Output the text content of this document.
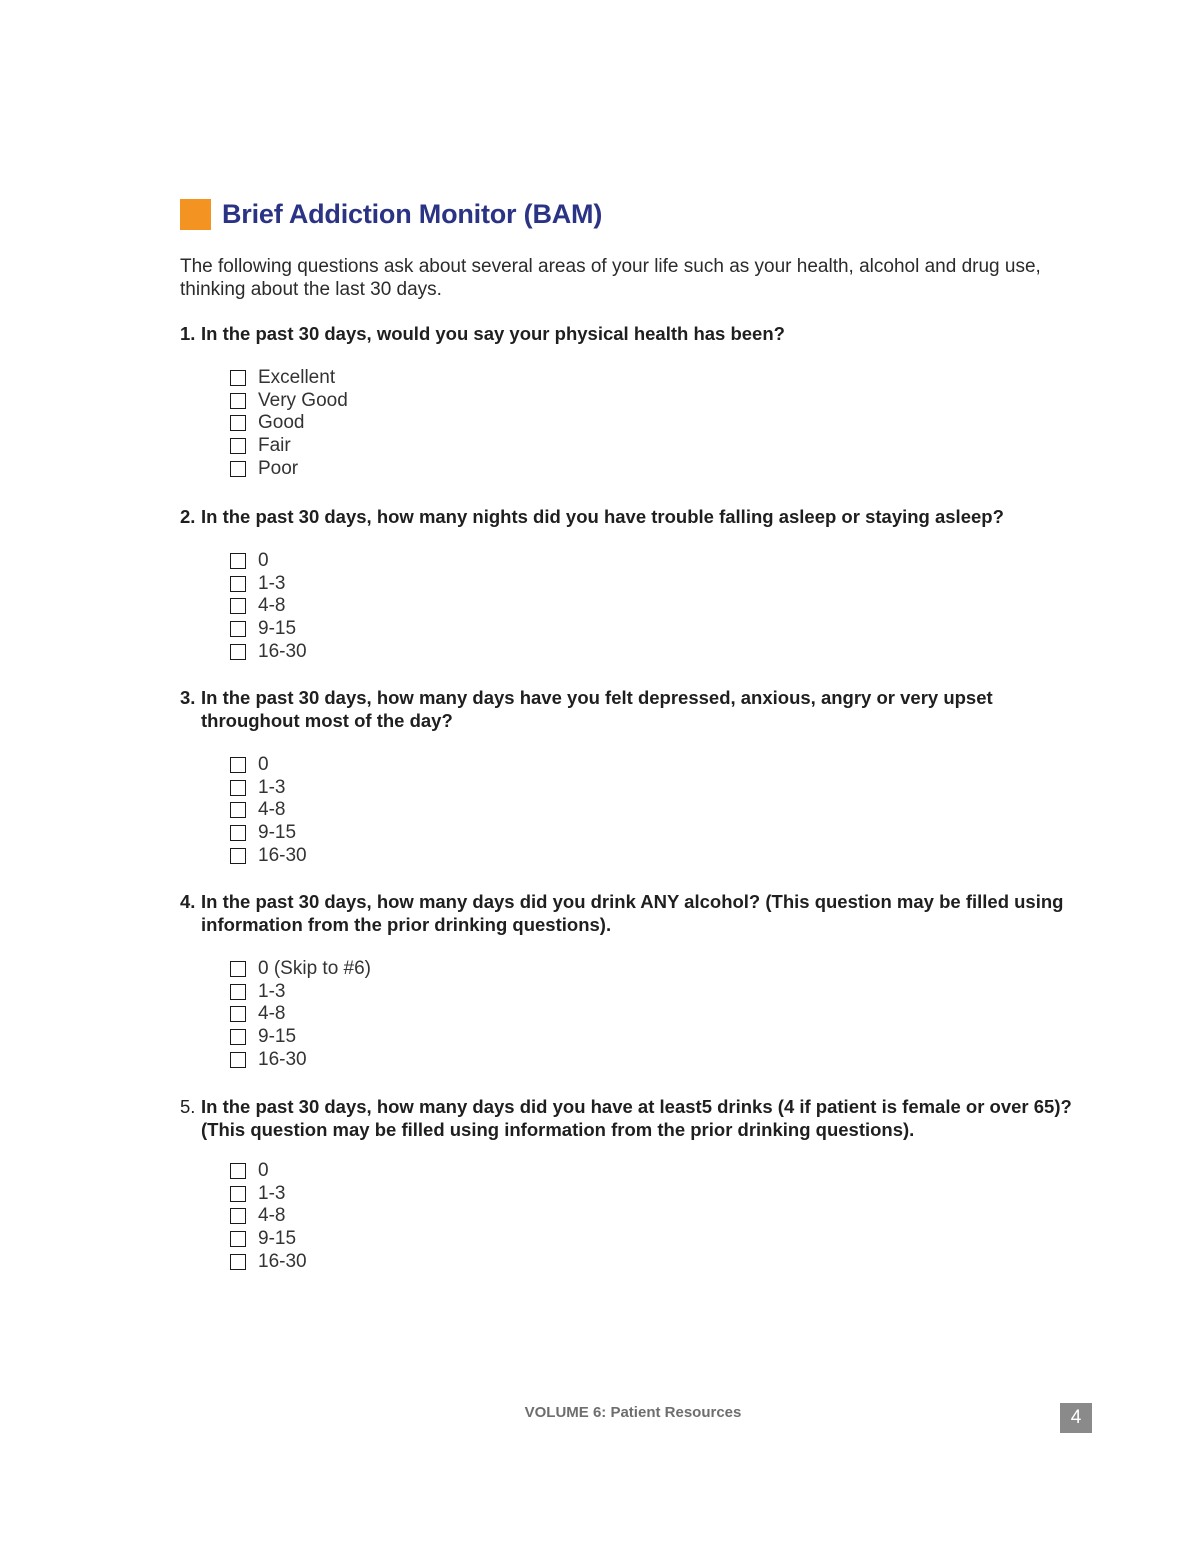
Brief Addiction Monitor (BAM)
The following questions ask about several areas of your life such as your health, alcohol and drug use, thinking about the last 30 days.
1. In the past 30 days, would you say your physical health has been?
Excellent
Very Good
Good
Fair
Poor
2. In the past 30 days, how many nights did you have trouble falling asleep or staying asleep?
0
1-3
4-8
9-15
16-30
3. In the past 30 days, how many days have you felt depressed, anxious, angry or very upset throughout most of the day?
0
1-3
4-8
9-15
16-30
4. In the past 30 days, how many days did you drink ANY alcohol? (This question may be filled using information from the prior drinking questions).
0 (Skip to #6)
1-3
4-8
9-15
16-30
5. In the past 30 days, how many days did you have at least5 drinks (4 if patient is female or over 65)? (This question may be filled using information from the prior drinking questions).
0
1-3
4-8
9-15
16-30
VOLUME 6: Patient Resources	4
